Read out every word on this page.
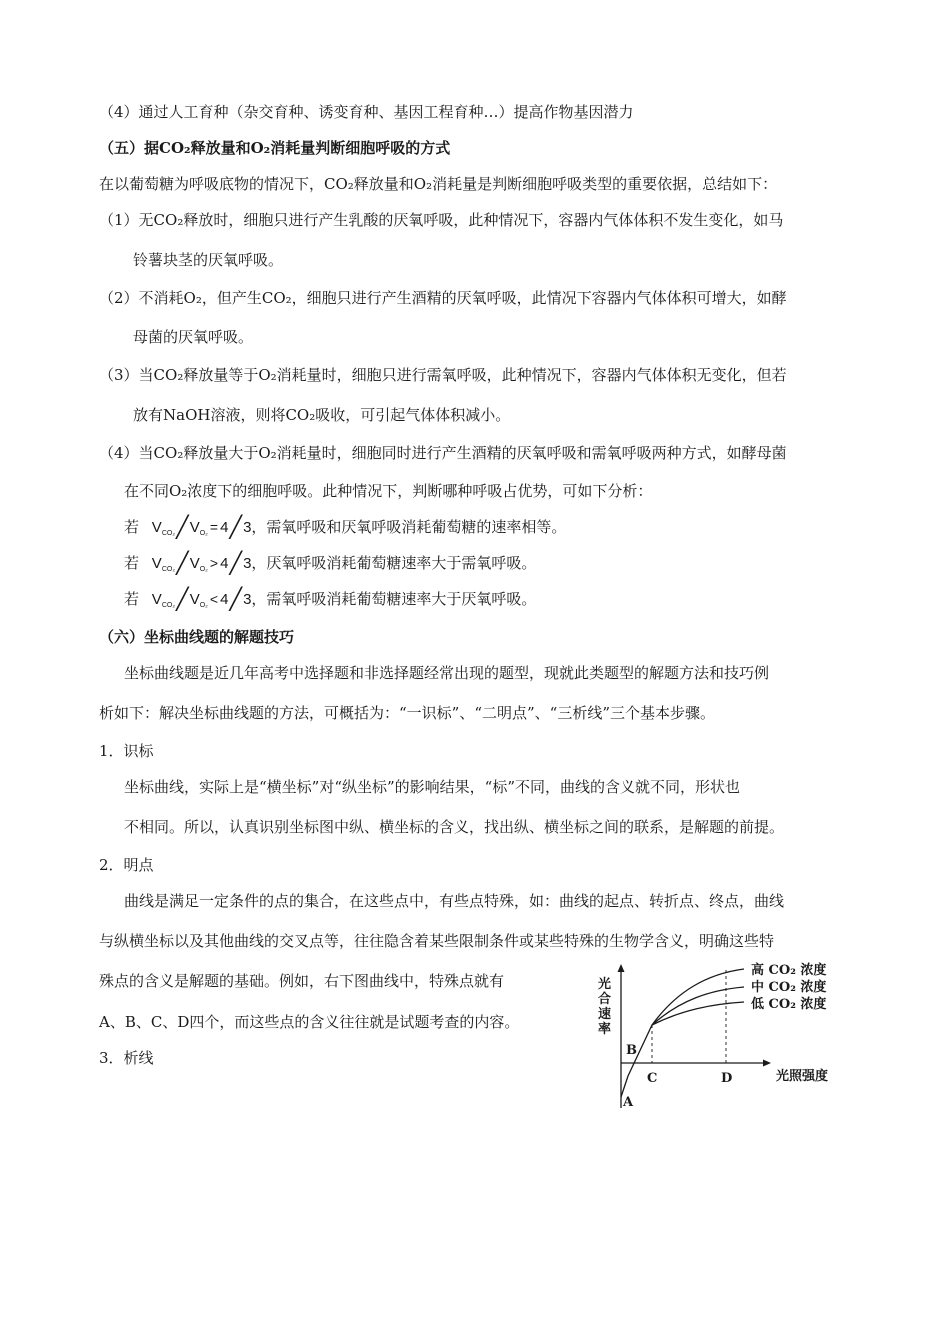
（4）通过人工育种（杂交育种、诱变育种、基因工程育种…）提高作物基因潜力
（五）据CO₂释放量和O₂消耗量判断细胞呼吸的方式
在以葡萄糖为呼吸底物的情况下，CO₂释放量和O₂消耗量是判断细胞呼吸类型的重要依据，总结如下：
（1）无CO₂释放时，细胞只进行产生乳酸的厌氧呼吸，此种情况下，容器内气体体积不发生变化，如马
铃薯块茎的厌氧呼吸。
（2）不消耗O₂，但产生CO₂，细胞只进行产生酒精的厌氧呼吸，此情况下容器内气体体积可增大，如酵
母菌的厌氧呼吸。
（3）当CO₂释放量等于O₂消耗量时，细胞只进行需氧呼吸，此种情况下，容器内气体体积无变化，但若
放有NaOH溶液，则将CO₂吸收，可引起气体体积减小。
（4）当CO₂释放量大于O₂消耗量时，细胞同时进行产生酒精的厌氧呼吸和需氧呼吸两种方式，如酵母菌
在不同O₂浓度下的细胞呼吸。此种情况下，判断哪种呼吸占优势，可如下分析：
若 $V_{CO_2}╱V_{O_2}$ = 4╱3，需氧呼吸和厌氧呼吸消耗葡萄糖的速率相等。
若 $V_{CO_2}╱V_{O_2}$ > 4╱3，厌氧呼吸消耗葡萄糖速率大于需氧呼吸。
若 $V_{CO_2}╱V_{O_2}$ < 4╱3，需氧呼吸消耗葡萄糖速率大于厌氧呼吸。
（六）坐标曲线题的解题技巧
坐标曲线题是近几年高考中选择题和非选择题经常出现的题型，现就此类题型的解题方法和技巧例
析如下：解决坐标曲线题的方法，可概括为：“一识标”、“二明点”、“三析线”三个基本步骤。
1．识标
坐标曲线，实际上是“横坐标”对“纵坐标”的影响结果，“标”不同，曲线的含义就不同，形状也
不相同。所以，认真识别坐标图中纵、横坐标的含义，找出纵、横坐标之间的联系，是解题的前提。
2．明点
曲线是满足一定条件的点的集合，在这些点中，有些点特殊，如：曲线的起点、转折点、终点，曲线
与纵横坐标以及其他曲线的交叉点等，往往隐含着某些限制条件或某些特殊的生物学含义，明确这些特
殊点的含义是解题的基础。例如，右下图曲线中，特殊点就有
A、B、C、D四个，而这些点的含义往往就是试题考查的内容。
3．析线
光
合
速
率
光照强度
高 CO₂ 浓度
中 CO₂ 浓度
低 CO₂ 浓度
B
C	D
A
